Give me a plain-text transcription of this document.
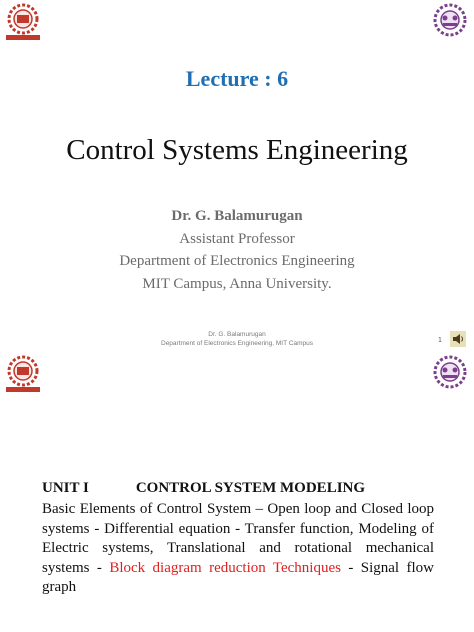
Lecture : 6
Control Systems Engineering
Dr. G. Balamurugan
Assistant Professor
Department of Electronics Engineering
MIT Campus, Anna University.
Dr. G. Balamurugan
Department of Electronics Engineering, MIT Campus	1
UNIT I	CONTROL SYSTEM MODELING
Basic Elements of Control System – Open loop and Closed loop systems - Differential equation - Transfer function, Modeling of Electric systems, Translational and rotational mechanical systems - Block diagram reduction Techniques - Signal flow graph
